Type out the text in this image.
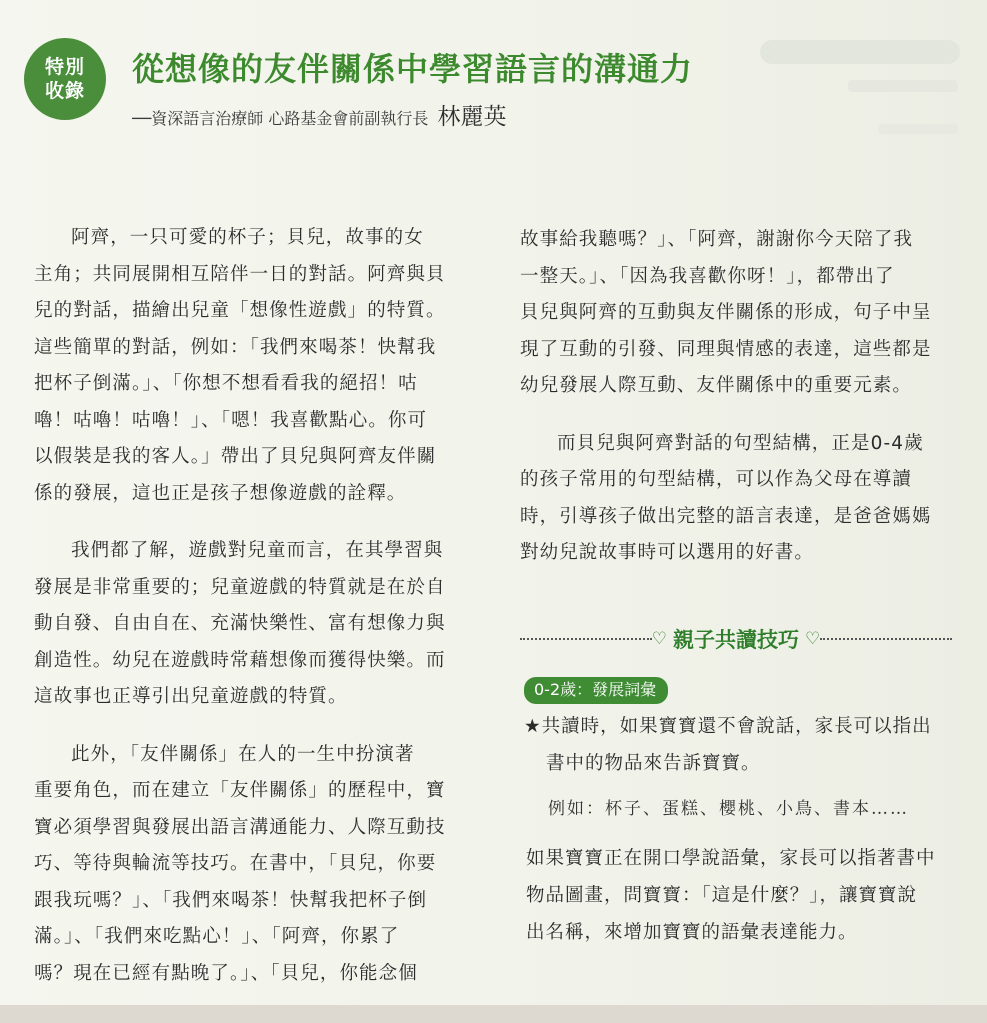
特別
收錄
從想像的友伴關係中學習語言的溝通力
──資深語言治療師 心路基金會前副執行長 林麗英

阿齊，一只可愛的杯子；貝兒，故事的女
主角；共同展開相互陪伴一日的對話。阿齊與貝
兒的對話，描繪出兒童「想像性遊戲」的特質。
這些簡單的對話，例如：「我們來喝茶！快幫我
把杯子倒滿。」、「你想不想看看我的絕招！咕
嚕！咕嚕！咕嚕！」、「嗯！我喜歡點心。你可
以假裝是我的客人。」帶出了貝兒與阿齊友伴關
係的發展，這也正是孩子想像遊戲的詮釋。

我們都了解，遊戲對兒童而言，在其學習與
發展是非常重要的；兒童遊戲的特質就是在於自
動自發、自由自在、充滿快樂性、富有想像力與
創造性。幼兒在遊戲時常藉想像而獲得快樂。而
這故事也正導引出兒童遊戲的特質。

此外，「友伴關係」在人的一生中扮演著
重要角色，而在建立「友伴關係」的歷程中，寶
寶必須學習與發展出語言溝通能力、人際互動技
巧、等待與輪流等技巧。在書中，「貝兒，你要
跟我玩嗎？」、「我們來喝茶！快幫我把杯子倒
滿。」、「我們來吃點心！」、「阿齊，你累了
嗎？現在已經有點晚了。」、「貝兒，你能念個

故事給我聽嗎？」、「阿齊，謝謝你今天陪了我
一整天。」、「因為我喜歡你呀！」，都帶出了
貝兒與阿齊的互動與友伴關係的形成，句子中呈
現了互動的引發、同理與情感的表達，這些都是
幼兒發展人際互動、友伴關係中的重要元素。

而貝兒與阿齊對話的句型結構，正是0-4歲
的孩子常用的句型結構，可以作為父母在導讀
時，引導孩子做出完整的語言表達，是爸爸媽媽
對幼兒說故事時可以選用的好書。

♡ 親子共讀技巧 ♡
0-2歲：發展詞彙
★共讀時，如果寶寶還不會說話，家長可以指出
書中的物品來告訴寶寶。
例如：杯子、蛋糕、櫻桃、小鳥、書本……

如果寶寶正在開口學說語彙，家長可以指著書中

物品圖畫，問寶寶：「這是什麼？」，讓寶寶說

出名稱，來增加寶寶的語彙表達能力。
